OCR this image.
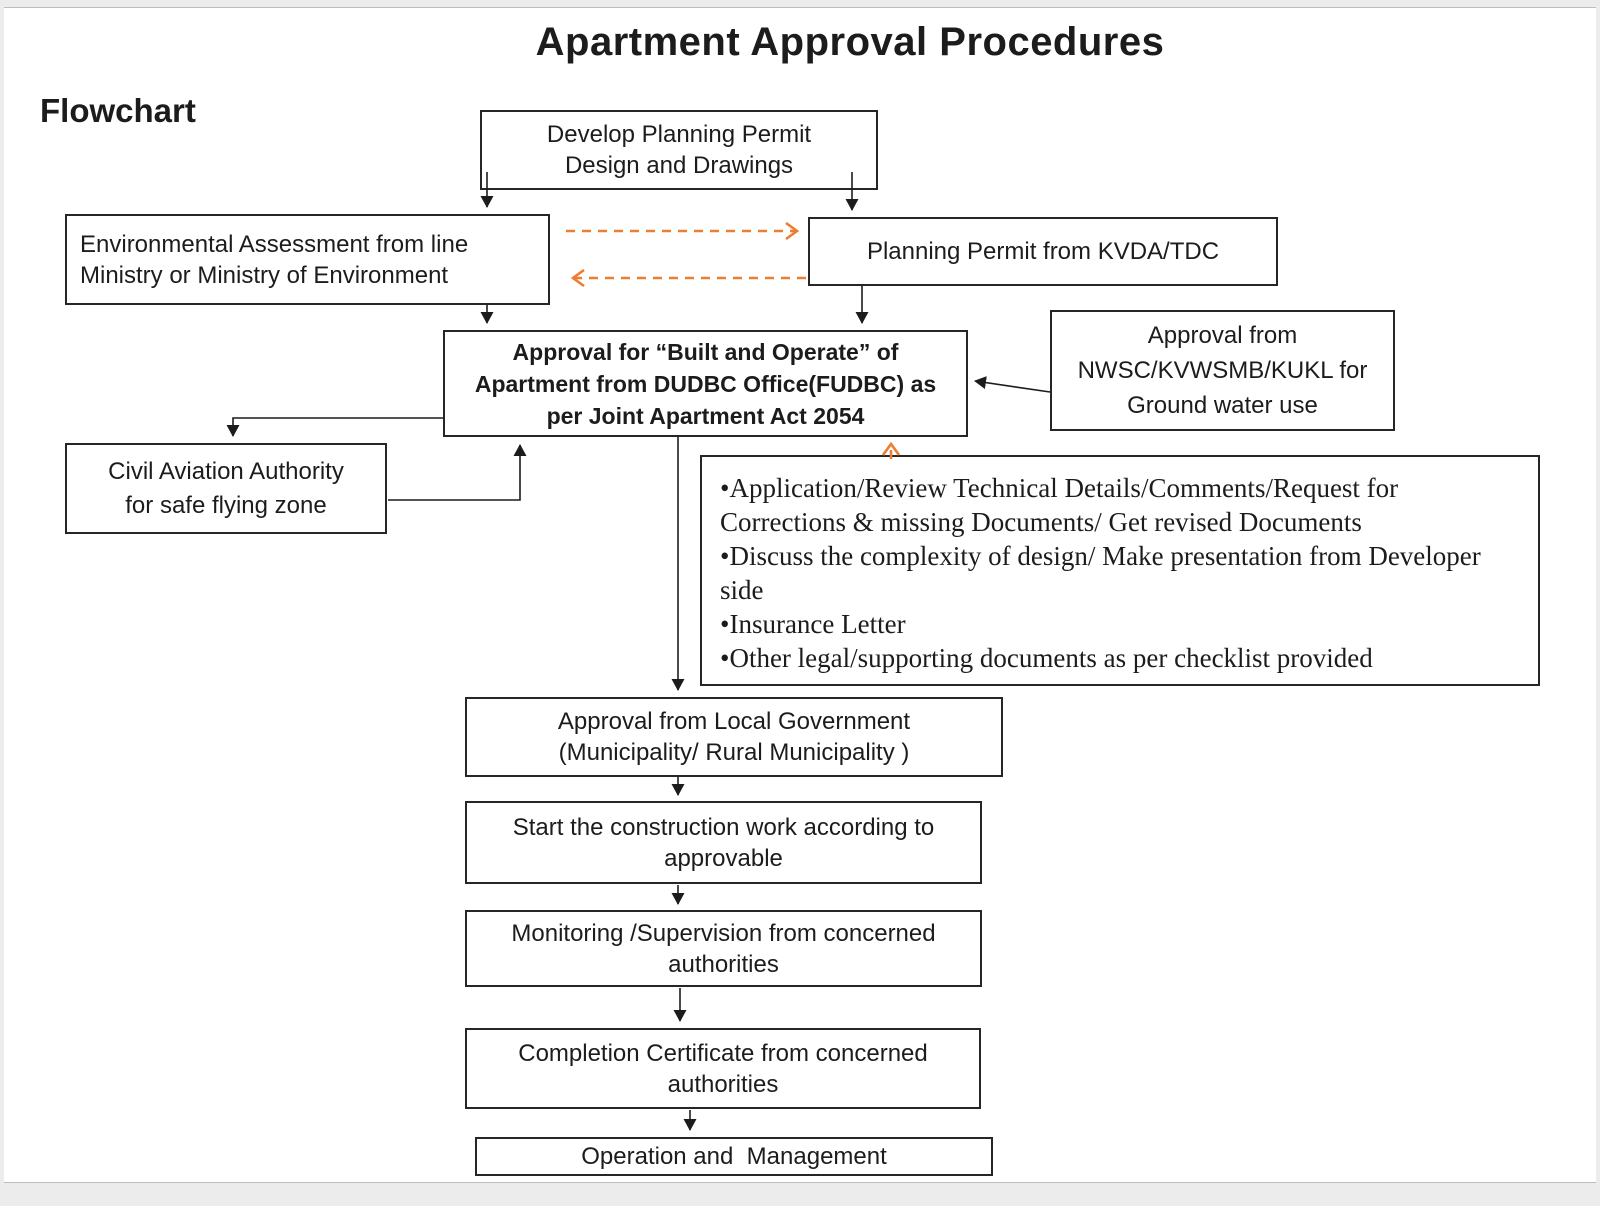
Apartment Approval Procedures
Flowchart
Develop Planning Permit
Design and Drawings
Environmental Assessment from line
Ministry or Ministry of Environment
Planning Permit from KVDA/TDC
Approval for “Built and Operate” of
Apartment from DUDBC Office(FUDBC) as
per Joint Apartment Act 2054
Approval from
NWSC/KVWSMB/KUKL for
Ground water use
Civil Aviation Authority
for safe flying zone
•Application/Review Technical Details/Comments/Request for Corrections & missing Documents/ Get revised Documents
•Discuss the complexity of design/ Make presentation from Developer side
•Insurance Letter
•Other legal/supporting documents as per checklist provided
Approval from Local Government
(Municipality/ Rural Municipality )
Start the construction work according to
approvable
Monitoring /Supervision from concerned
authorities
Completion Certificate from concerned
authorities
Operation and  Management
